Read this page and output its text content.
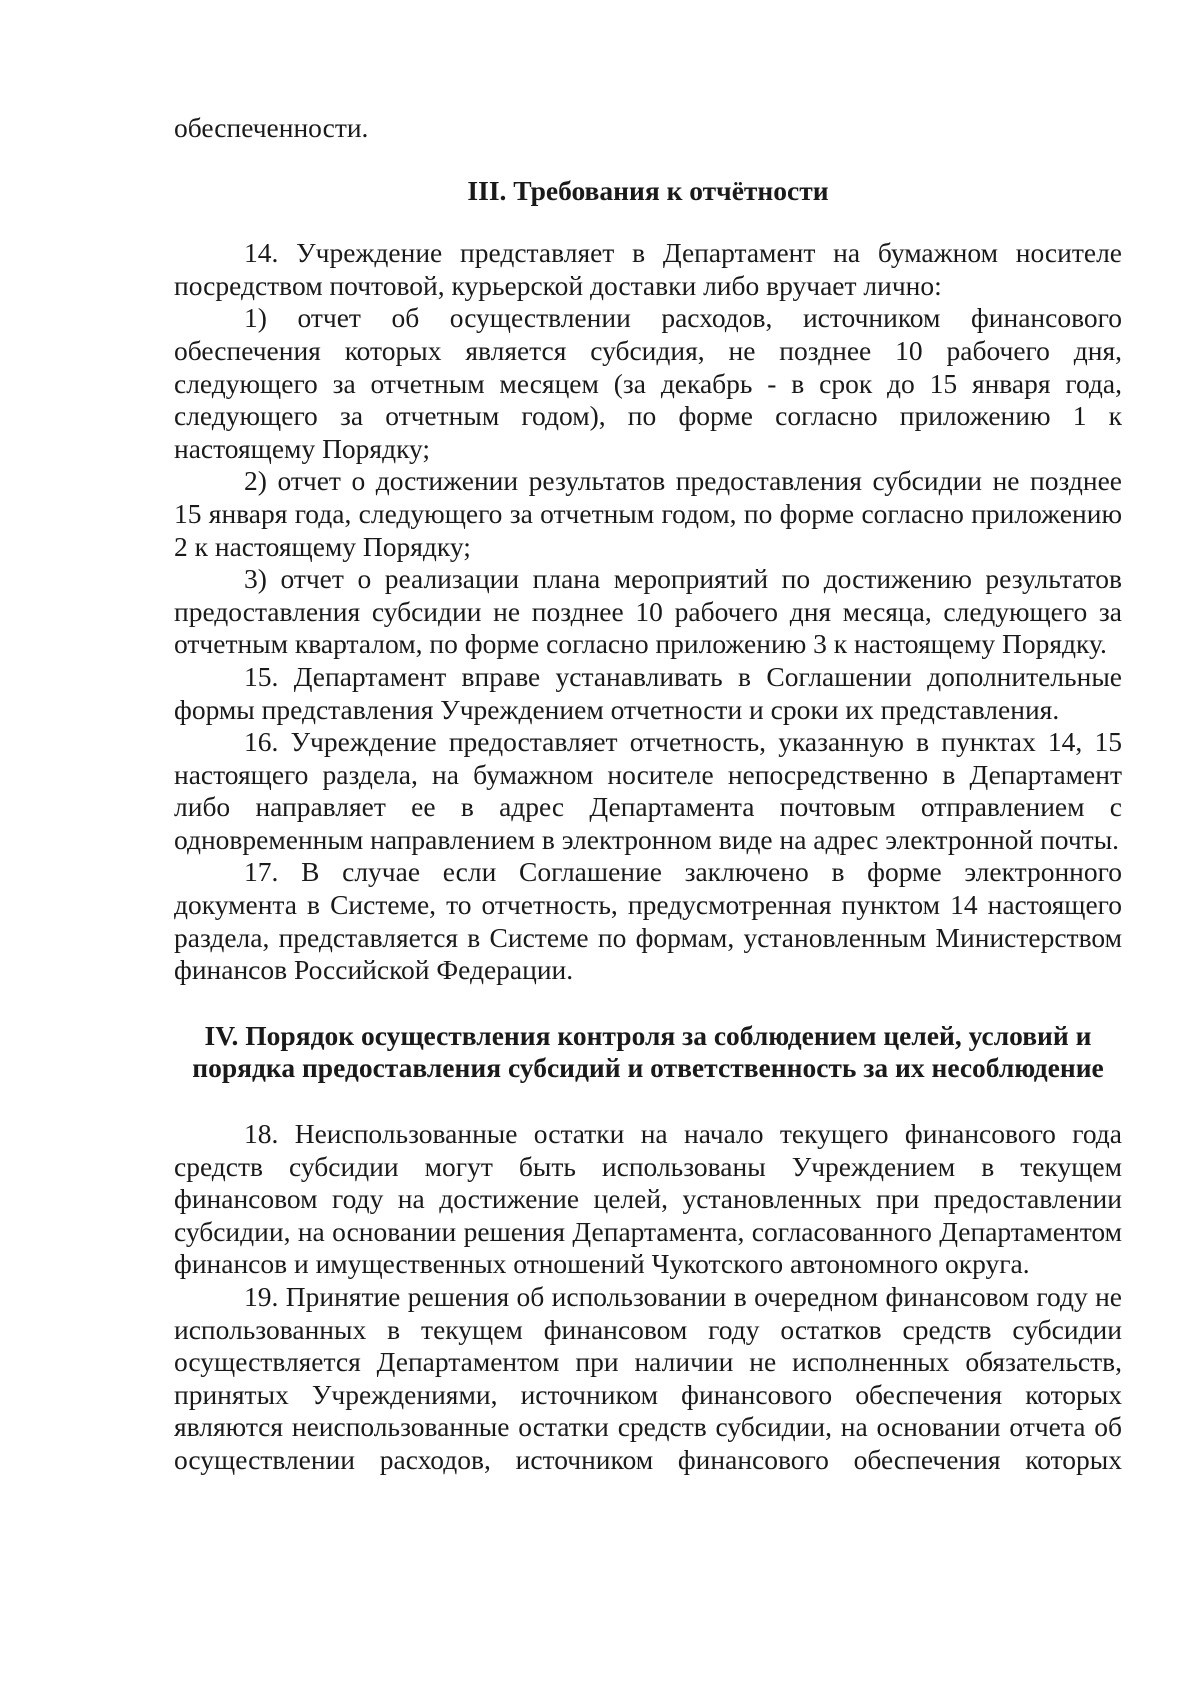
обеспеченности.

III. Требования к отчётности

14. Учреждение представляет в Департамент на бумажном носителе посредством почтовой, курьерской доставки либо вручает лично:

1) отчет об осуществлении расходов, источником финансового обеспечения которых является субсидия, не позднее 10 рабочего дня, следующего за отчетным месяцем (за декабрь - в срок до 15 января года, следующего за отчетным годом), по форме согласно приложению 1 к настоящему Порядку;

2) отчет о достижении результатов предоставления субсидии не позднее 15 января года, следующего за отчетным годом, по форме согласно приложению 2 к настоящему Порядку;

3) отчет о реализации плана мероприятий по достижению результатов предоставления субсидии не позднее 10 рабочего дня месяца, следующего за отчетным кварталом, по форме согласно приложению 3 к настоящему Порядку.

15. Департамент вправе устанавливать в Соглашении дополнительные формы представления Учреждением отчетности и сроки их представления.

16. Учреждение предоставляет отчетность, указанную в пунктах 14, 15 настоящего раздела, на бумажном носителе непосредственно в Департамент либо направляет ее в адрес Департамента почтовым отправлением с одновременным направлением в электронном виде на адрес электронной почты.

17. В случае если Соглашение заключено в форме электронного документа в Системе, то отчетность, предусмотренная пунктом 14 настоящего раздела, представляется в Системе по формам, установленным Министерством финансов Российской Федерации.

IV. Порядок осуществления контроля за соблюдением целей, условий и
порядка предоставления субсидий и ответственность за их несоблюдение

18. Неиспользованные остатки на начало текущего финансового года средств субсидии могут быть использованы Учреждением в текущем финансовом году на достижение целей, установленных при предоставлении субсидии, на основании решения Департамента, согласованного Департаментом финансов и имущественных отношений Чукотского автономного округа.

19. Принятие решения об использовании в очередном финансовом году не использованных в текущем финансовом году остатков средств субсидии осуществляется Департаментом при наличии не исполненных обязательств, принятых Учреждениями, источником финансового обеспечения которых являются неиспользованные остатки средств субсидии, на основании отчета об осуществлении расходов, источником финансового обеспечения которых
